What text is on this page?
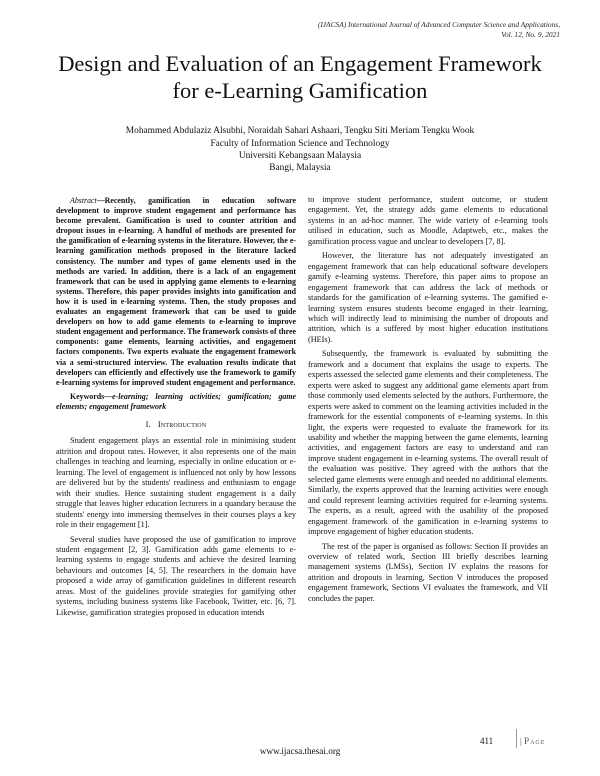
(IJACSA) International Journal of Advanced Computer Science and Applications,
Vol. 12, No. 9, 2021
Design and Evaluation of an Engagement Framework
for e-Learning Gamification
Mohammed Abdulaziz Alsubhi, Noraidah Sahari Ashaari, Tengku Siti Meriam Tengku Wook
Faculty of Information Science and Technology
Universiti Kebangsaan Malaysia
Bangi, Malaysia

Abstract—Recently, gamification in education software development to improve student engagement and performance has become prevalent. Gamification is used to counter attrition and dropout issues in e-learning. A handful of methods are presented for the gamification of e-learning systems in the literature. However, the e-learning gamification methods proposed in the literature lacked consistency. The number and types of game elements used in the methods are varied. In addition, there is a lack of an engagement framework that can be used in applying game elements to e-learning systems. Therefore, this paper provides insights into gamification and how it is used in e-learning systems. Then, the study proposes and evaluates an engagement framework that can be used to guide developers on how to add game elements to e-learning to improve student engagement and performance. The framework consists of three components: game elements, learning activities, and engagement factors components. Two experts evaluate the engagement framework via a semi-structured interview. The evaluation results indicate that developers can efficiently and effectively use the framework to gamify e-learning systems for improved student engagement and performance.

Keywords—e-learning; learning activities; gamification; game elements; engagement framework

I. Introduction

Student engagement plays an essential role in minimising student attrition and dropout rates. However, it also represents one of the main challenges in teaching and learning, especially in online education or e-learning. The level of engagement is influenced not only by how lessons are delivered but by the students' readiness and enthusiasm to engage with their studies. Hence sustaining student engagement is a daily struggle that leaves higher education lecturers in a quandary because the students' energy into immersing themselves in their courses plays a key role in their engagement [1].

Several studies have proposed the use of gamification to improve student engagement [2, 3]. Gamification adds game elements to e-learning systems to engage students and achieve the desired learning behaviours and outcomes [4, 5]. The researchers in the domain have proposed a wide array of gamification guidelines in different research areas. Most of the guidelines provide strategies for gamifying other systems, including business systems like Facebook, Twitter, etc. [6, 7]. Likewise, gamification strategies proposed in education intends

to improve student performance, student outcome, or student engagement. Yet, the strategy adds game elements to educational systems in an ad-hoc manner. The wide variety of e-learning tools utilised in education, such as Moodle, Adaptweb, etc., makes the gamification process vague and unclear to developers [7, 8].

However, the literature has not adequately investigated an engagement framework that can help educational software developers gamify e-learning systems. Therefore, this paper aims to propose an engagement framework that can address the lack of methods or standards for the gamification of e-learning systems. The gamified e-learning system ensures students become engaged in their learning, which will indirectly lead to minimising the number of dropouts and attrition, which is a suffered by most higher education institutions (HEIs).

Subsequently, the framework is evaluated by submitting the framework and a document that explains the usage to experts. The experts assessed the selected game elements and their completeness. The experts were asked to suggest any additional game elements apart from those commonly used elements selected by the authors. Furthermore, the experts were asked to comment on the learning activities included in the framework for the essential components of e-learning systems. In this light, the experts were requested to evaluate the framework for its usability and whether the mapping between the game elements, learning activities, and engagement factors are easy to understand and can improve student engagement in e-learning systems. The overall result of the evaluation was positive. They agreed with the authors that the selected game elements were enough and needed no additional elements. Similarly, the experts approved that the learning activities were enough and could represent learning activities required for e-learning systems. The experts, as a result, agreed with the usability of the proposed engagement framework of the gamification in e-learning systems to improve engagement of higher education students.

The rest of the paper is organised as follows: Section II provides an overview of related work, Section III briefly describes learning management systems (LMSs), Section IV explains the reasons for attrition and dropouts in learning, Section V introduces the proposed engagement framework, Sections VI evaluates the framework, and VII concludes the paper.

411	| Page
www.ijacsa.thesai.org
